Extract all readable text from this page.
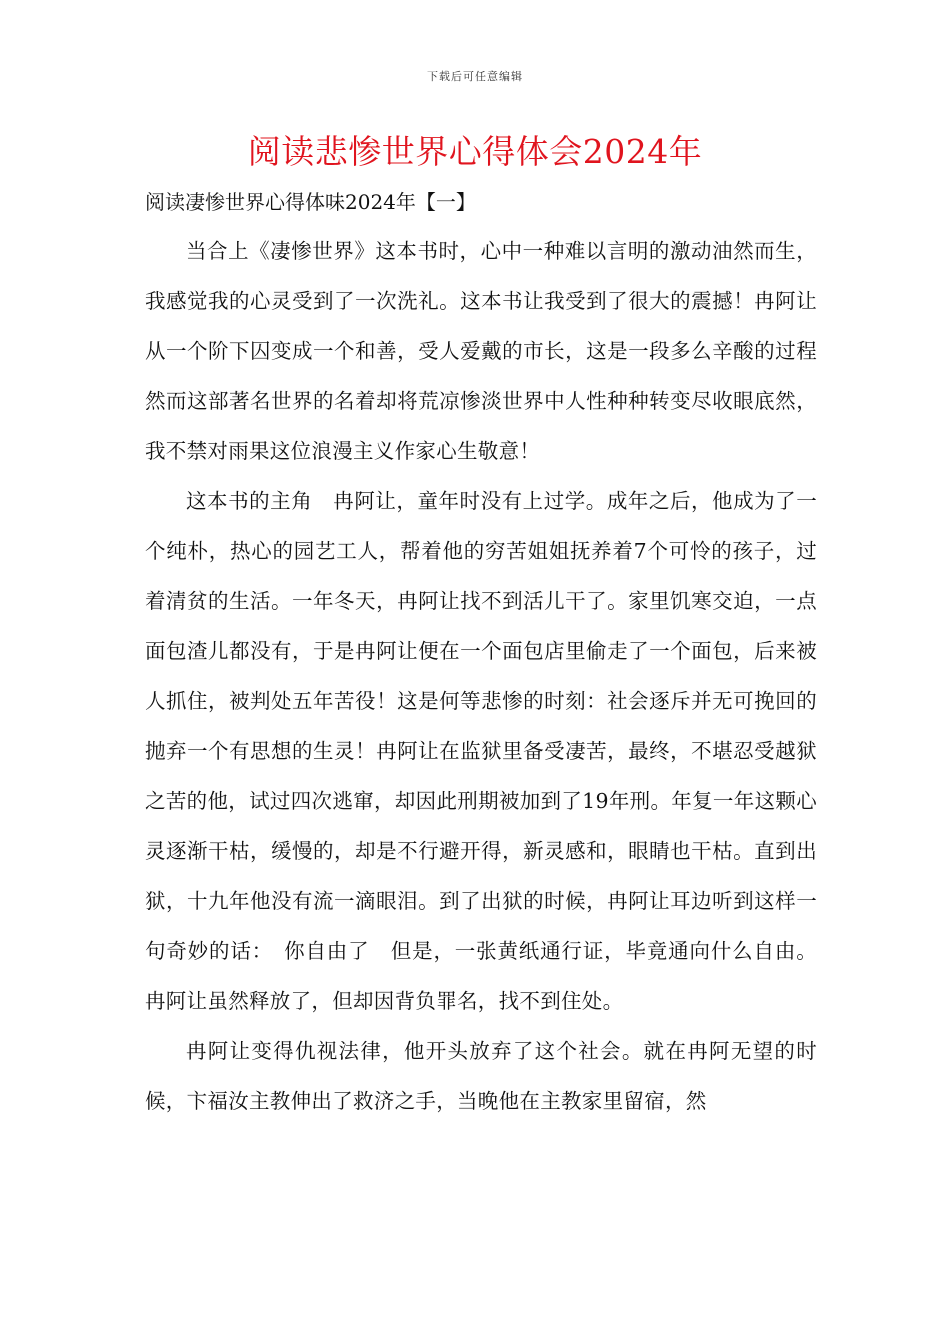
下载后可任意编辑
阅读悲惨世界心得体会2024年
阅读凄惨世界心得体味2024年【一】

当合上《凄惨世界》这本书时，心中一种难以言明的激动油然而生，我感觉我的心灵受到了一次洗礼。这本书让我受到了很大的震撼！冉阿让从一个阶下囚变成一个和善，受人爱戴的市长，这是一段多么辛酸的过程然而这部著名世界的名着却将荒凉惨淡世界中人性种种转变尽收眼底然，我不禁对雨果这位浪漫主义作家心生敬意！

这本书的主角　冉阿让，童年时没有上过学。成年之后，他成为了一个纯朴，热心的园艺工人，帮着他的穷苦姐姐抚养着7个可怜的孩子，过着清贫的生活。一年冬天，冉阿让找不到活儿干了。家里饥寒交迫，一点面包渣儿都没有，于是冉阿让便在一个面包店里偷走了一个面包，后来被人抓住，被判处五年苦役！这是何等悲惨的时刻：社会逐斥并无可挽回的抛弃一个有思想的生灵！冉阿让在监狱里备受凄苦，最终，不堪忍受越狱之苦的他，试过四次逃窜，却因此刑期被加到了19年刑。年复一年这颗心灵逐渐干枯，缓慢的，却是不行避开得，新灵感和，眼睛也干枯。直到出狱，十九年他没有流一滴眼泪。到了出狱的时候，冉阿让耳边听到这样一句奇妙的话：　你自由了　但是，一张黄纸通行证，毕竟通向什么自由。冉阿让虽然释放了，但却因背负罪名，找不到住处。

冉阿让变得仇视法律，他开头放弃了这个社会。就在冉阿无望的时候，卞福汝主教伸出了救济之手，当晚他在主教家里留宿，然
